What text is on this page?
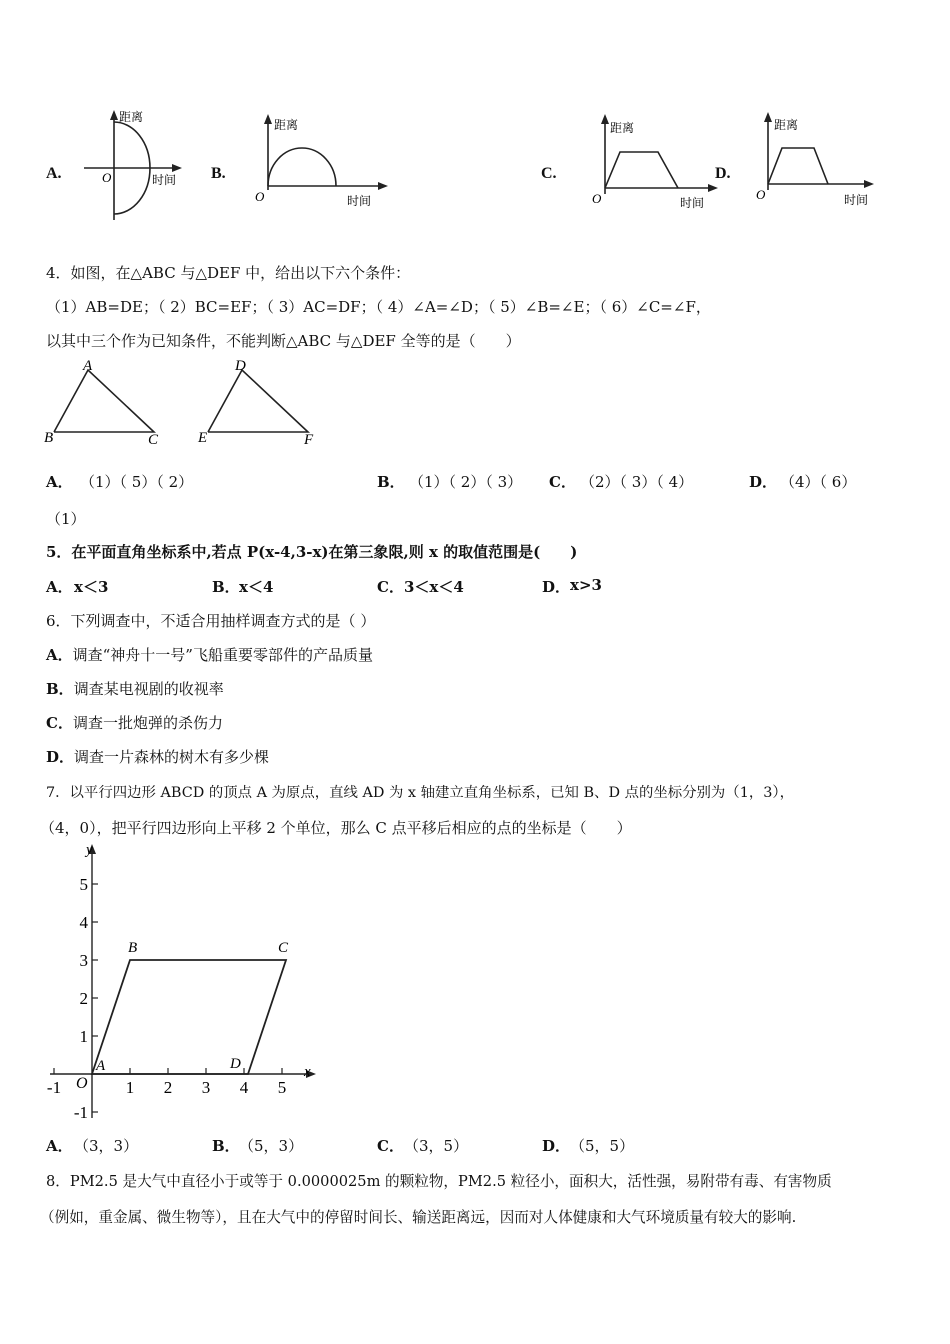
A.
距离
时间
O	B.
距离
时间
O
C.
距离
时间
O
D.
距离
时间
O
4．如图，在△ABC 与△DEF 中，给出以下六个条件：
（1）AB=DE；（ 2）BC=EF；（ 3）AC=DF；（ 4）∠A=∠D；（ 5）∠B=∠E；（ 6）∠C=∠F，
以其中三个作为已知条件，不能判断△ABC 与△DEF 全等的是（　　）
A
B	C
D
E	F
A． （1）（ 5）（ 2）	B． （1）（ 2）（ 3） C． （2）（ 3）（ 4）	D． （4）（ 6）
（1）
5．在平面直角坐标系中,若点 P(x-4,3-x)在第三象限,则 x 的取值范围是(　　)
A． x＜3	B． x＜4	C． 3＜x＜4	D． x>3
6．下列调查中，不适合用抽样调查方式的是（ ）
A．调查“神舟十一号”飞船重要零部件的产品质量
B．调查某电视剧的收视率
C．调查一批炮弹的杀伤力
D．调查一片森林的树木有多少棵
7．以平行四边形 ABCD 的顶点 A 为原点，直线 AD 为 x 轴建立直角坐标系，已知 B、D 点的坐标分别为（1，3），
（4，0），把平行四边形向上平移 2 个单位，那么 C 点平移后相应的点的坐标是（　　）
x
y
O
-1	1 2 3 4 5
5
4
3
2
1
-1
A
B	C
D
A． （3，3）	B． （5，3）	C． （3，5）	D． （5，5）
8．PM2.5 是大气中直径小于或等于 0.0000025m 的颗粒物，PM2.5 粒径小，面积大，活性强，易附带有毒、有害物质
（例如，重金属、微生物等），且在大气中的停留时间长、输送距离远，因而对人体健康和大气环境质量有较大的影响.
